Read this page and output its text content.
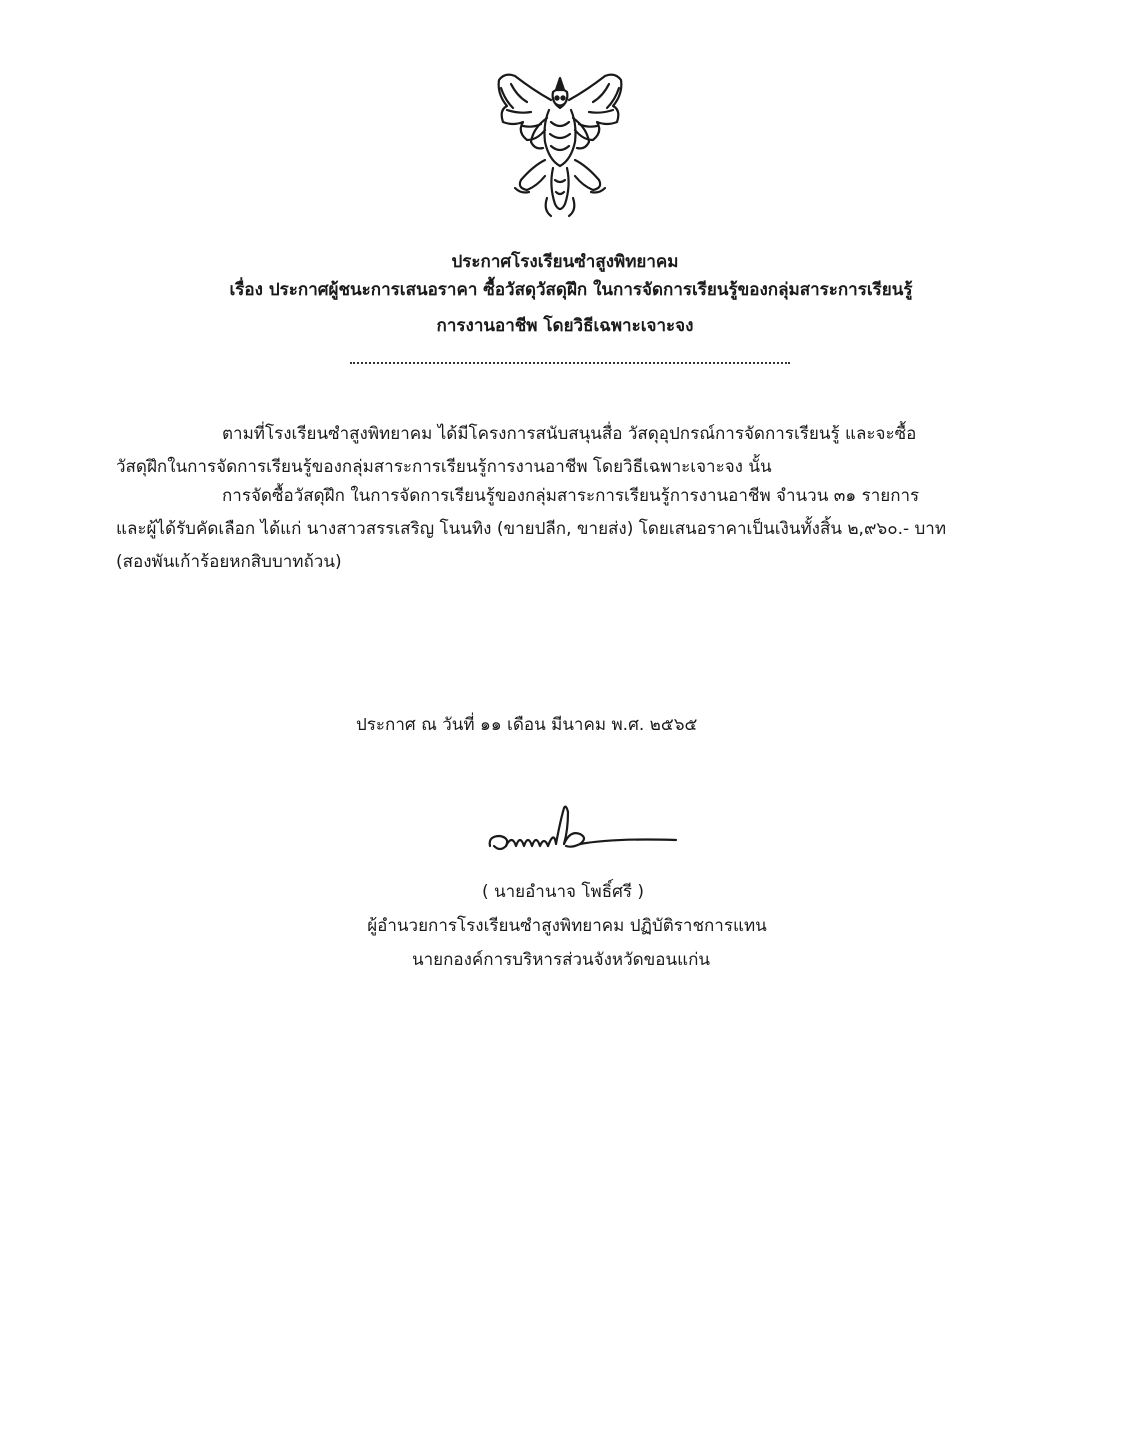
ประกาศโรงเรียนซำสูงพิทยาคม
เรื่อง ประกาศผู้ชนะการเสนอราคา ซื้อวัสดุวัสดุฝึก ในการจัดการเรียนรู้ของกลุ่มสาระการเรียนรู้
การงานอาชีพ โดยวิธีเฉพาะเจาะจง
ตามที่โรงเรียนซำสูงพิทยาคม ได้มีโครงการสนับสนุนสื่อ วัสดุอุปกรณ์การจัดการเรียนรู้ และจะซื้อ
วัสดุฝึกในการจัดการเรียนรู้ของกลุ่มสาระการเรียนรู้การงานอาชีพ โดยวิธีเฉพาะเจาะจง นั้น
การจัดซื้อวัสดุฝึก ในการจัดการเรียนรู้ของกลุ่มสาระการเรียนรู้การงานอาชีพ จำนวน ๓๑ รายการ
และผู้ได้รับคัดเลือก ได้แก่ นางสาวสรรเสริญ โนนทิง (ขายปลีก, ขายส่ง) โดยเสนอราคาเป็นเงินทั้งสิ้น ๒,๙๖๐.- บาท
(สองพันเก้าร้อยหกสิบบาทถ้วน)
ประกาศ ณ วันที่ ๑๑ เดือน มีนาคม พ.ศ. ๒๕๖๕
( นายอำนาจ โพธิ์ศรี )
ผู้อำนวยการโรงเรียนซำสูงพิทยาคม ปฏิบัติราชการแทน
นายกองค์การบริหารส่วนจังหวัดขอนแก่น
